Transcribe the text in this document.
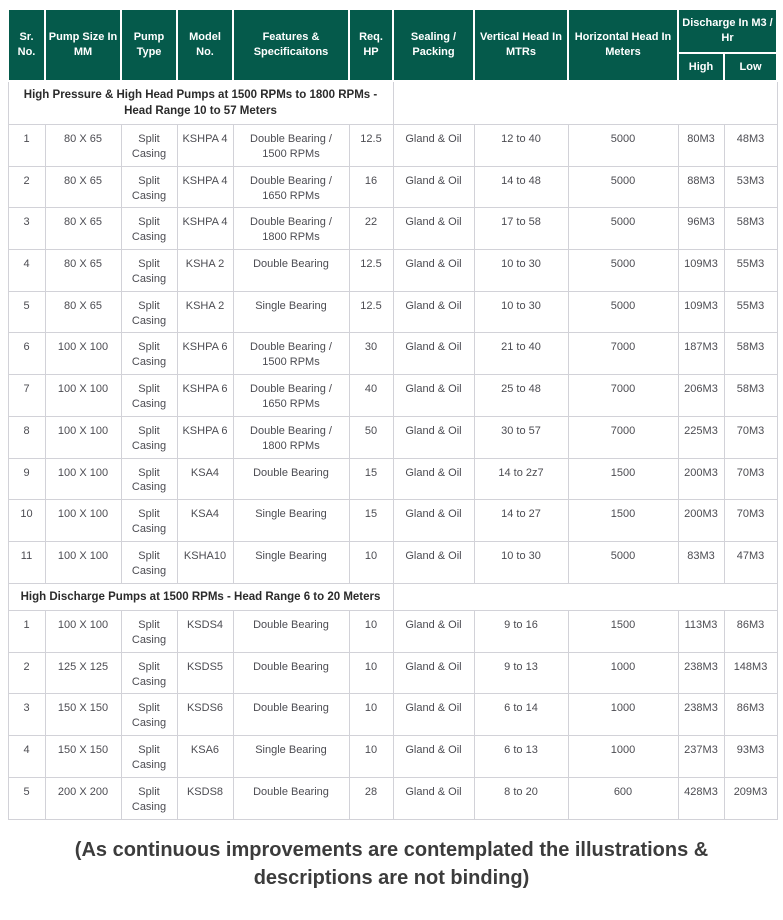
Sr. No.	Pump Size In MM	Pump Type	Model No.	Features & Specificaitons	Req. HP	Sealing / Packing	Vertical Head In MTRs	Horizontal Head In Meters	Discharge In M3 / Hr	
									High	Low
High Pressure & High Head Pumps at 1500 RPMs to 1800 RPMs - Head Range 10 to 57 Meters										
1	80 X 65	Split Casing	KSHPA 4	Double Bearing / 1500 RPMs	12.5	Gland & Oil	12 to 40	5000	80M3	48M3
2	80 X 65	Split Casing	KSHPA 4	Double Bearing / 1650 RPMs	16	Gland & Oil	14 to 48	5000	88M3	53M3
3	80 X 65	Split Casing	KSHPA 4	Double Bearing / 1800 RPMs	22	Gland & Oil	17 to 58	5000	96M3	58M3
4	80 X 65	Split Casing	KSHA 2	Double Bearing	12.5	Gland & Oil	10 to 30	5000	109M3	55M3
5	80 X 65	Split Casing	KSHA 2	Single Bearing	12.5	Gland & Oil	10 to 30	5000	109M3	55M3
6	100 X 100	Split Casing	KSHPA 6	Double Bearing / 1500 RPMs	30	Gland & Oil	21 to 40	7000	187M3	58M3
7	100 X 100	Split Casing	KSHPA 6	Double Bearing / 1650 RPMs	40	Gland & Oil	25 to 48	7000	206M3	58M3
8	100 X 100	Split Casing	KSHPA 6	Double Bearing / 1800 RPMs	50	Gland & Oil	30 to 57	7000	225M3	70M3
9	100 X 100	Split Casing	KSA4	Double Bearing	15	Gland & Oil	14 to 2z7	1500	200M3	70M3
10	100 X 100	Split Casing	KSA4	Single Bearing	15	Gland & Oil	14 to 27	1500	200M3	70M3
11	100 X 100	Split Casing	KSHA10	Single Bearing	10	Gland & Oil	10 to 30	5000	83M3	47M3
High Discharge Pumps at 1500 RPMs - Head Range 6 to 20 Meters										
1	100 X 100	Split Casing	KSDS4	Double Bearing	10	Gland & Oil	9 to 16	1500	113M3	86M3
2	125 X 125	Split Casing	KSDS5	Double Bearing	10	Gland & Oil	9 to 13	1000	238M3	148M3
3	150 X 150	Split Casing	KSDS6	Double Bearing	10	Gland & Oil	6 to 14	1000	238M3	86M3
4	150 X 150	Split Casing	KSA6	Single Bearing	10	Gland & Oil	6 to 13	1000	237M3	93M3
5	200 X 200	Split Casing	KSDS8	Double Bearing	28	Gland & Oil	8 to 20	600	428M3	209M3
(As continuous improvements are contemplated the illustrations & descriptions are not binding)
